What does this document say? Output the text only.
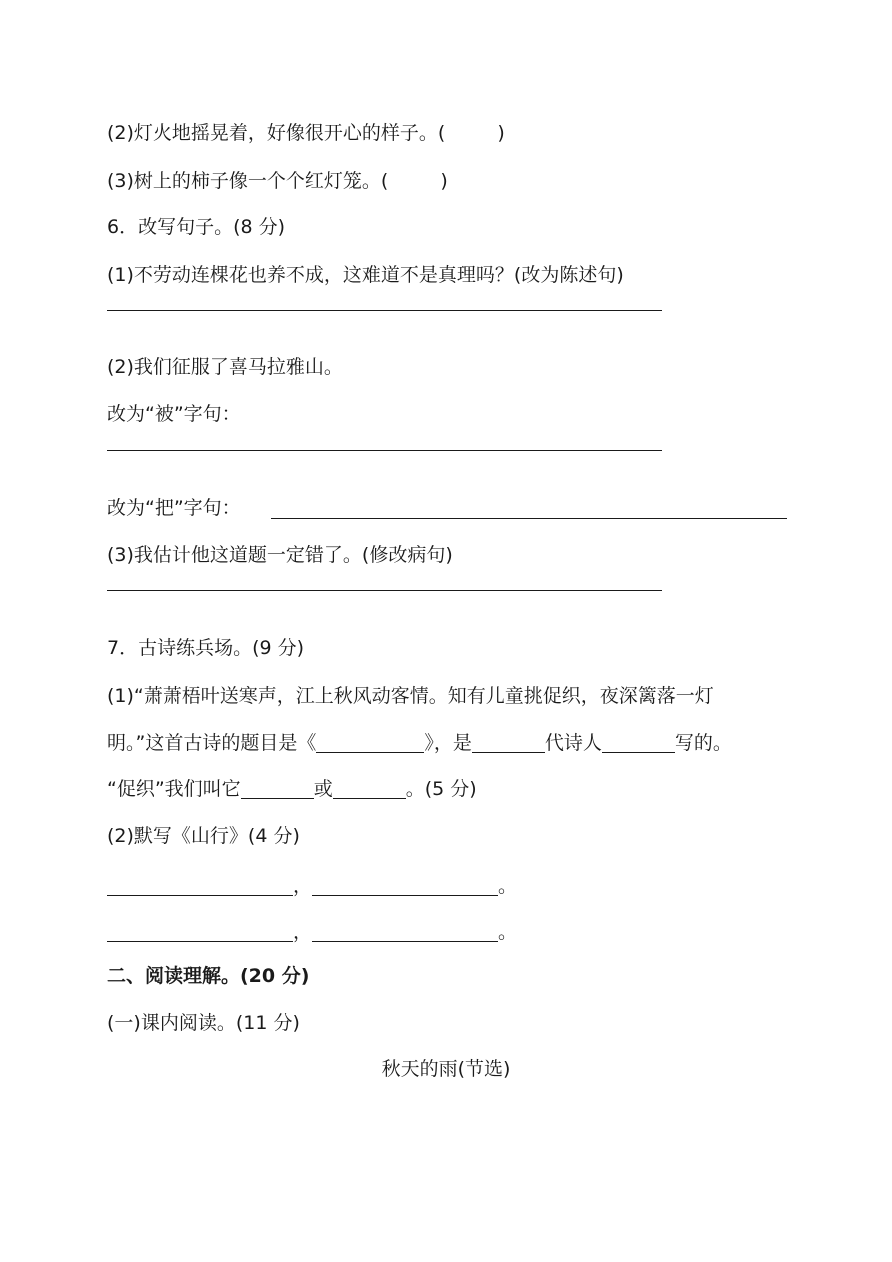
(2)灯火地摇晃着，好像很开心的样子。(	)
(3)树上的柿子像一个个红灯笼。(	)
6．改写句子。(8 分)
(1)不劳动连棵花也养不成，这难道不是真理吗？(改为陈述句)
(2)我们征服了喜马拉雅山。
改为“被”字句：
改为“把”字句：
(3)我估计他这道题一定错了。(修改病句)
7．古诗练兵场。(9 分)
(1)“萧萧梧叶送寒声，江上秋风动客情。知有儿童挑促织，夜深篱落一灯
明。”这首古诗的题目是《	》，是	代诗人	写的。
“促织”我们叫它	或	。(5 分)
(2)默写《山行》(4 分)
，	。
，	。
二、阅读理解。(20 分)
(一)课内阅读。(11 分)
秋天的雨(节选)
